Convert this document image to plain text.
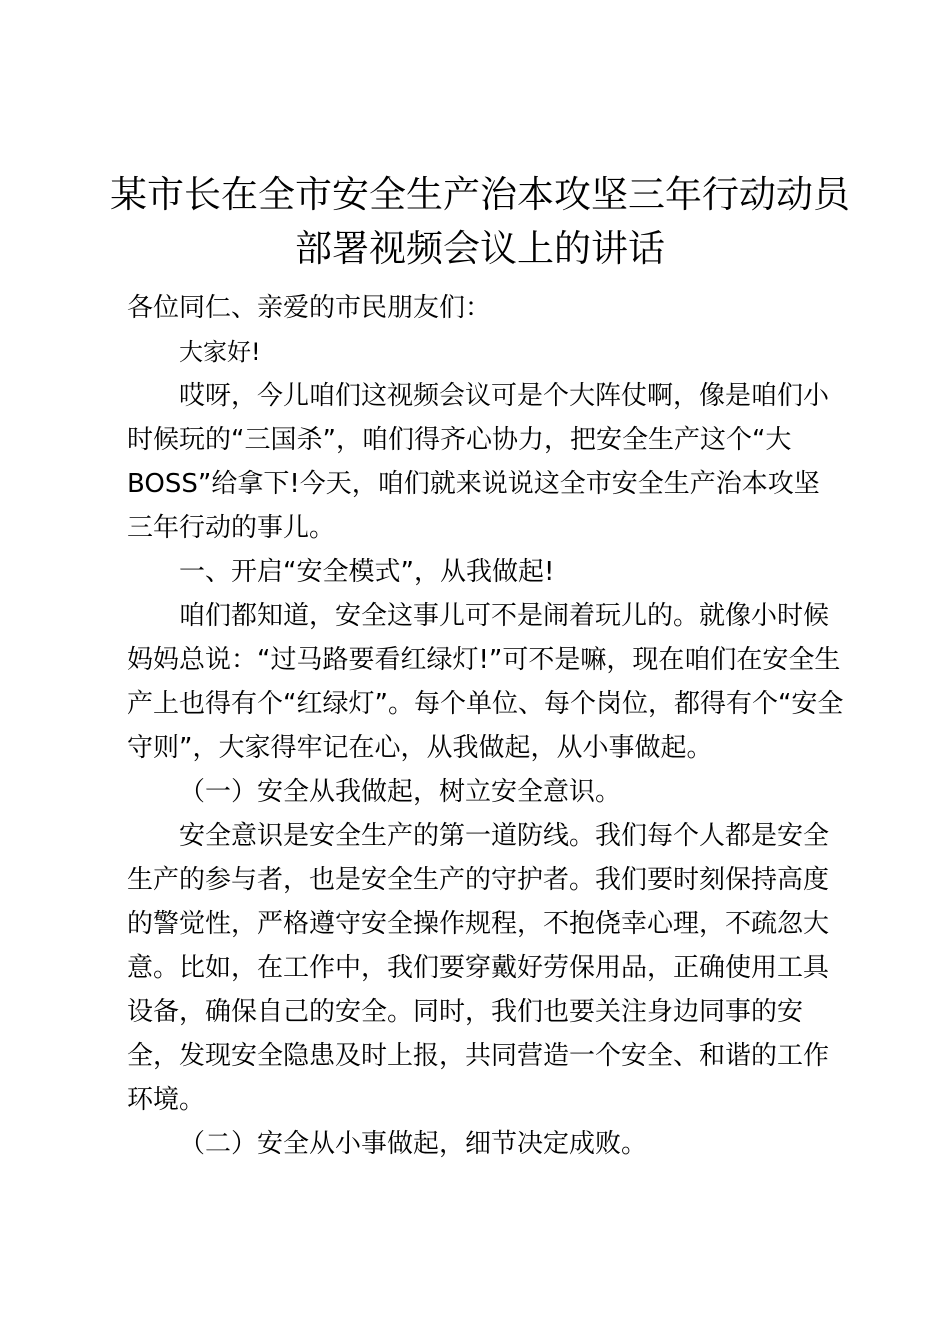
某市长在全市安全生产治本攻坚三年行动动员
部署视频会议上的讲话
各位同仁、亲爱的市民朋友们：
大家好!
哎呀，今儿咱们这视频会议可是个大阵仗啊，像是咱们小
时候玩的“三国杀”，咱们得齐心协力，把安全生产这个“大
BOSS”给拿下!今天，咱们就来说说这全市安全生产治本攻坚
三年行动的事儿。
一、开启“安全模式”，从我做起!
咱们都知道，安全这事儿可不是闹着玩儿的。就像小时候
妈妈总说：“过马路要看红绿灯!”可不是嘛，现在咱们在安全生
产上也得有个“红绿灯”。每个单位、每个岗位，都得有个“安全
守则”，大家得牢记在心，从我做起，从小事做起。
（一）安全从我做起，树立安全意识。
安全意识是安全生产的第一道防线。我们每个人都是安全
生产的参与者，也是安全生产的守护者。我们要时刻保持高度
的警觉性，严格遵守安全操作规程，不抱侥幸心理，不疏忽大
意。比如，在工作中，我们要穿戴好劳保用品，正确使用工具
设备，确保自己的安全。同时，我们也要关注身边同事的安
全，发现安全隐患及时上报，共同营造一个安全、和谐的工作
环境。
（二）安全从小事做起，细节决定成败。
